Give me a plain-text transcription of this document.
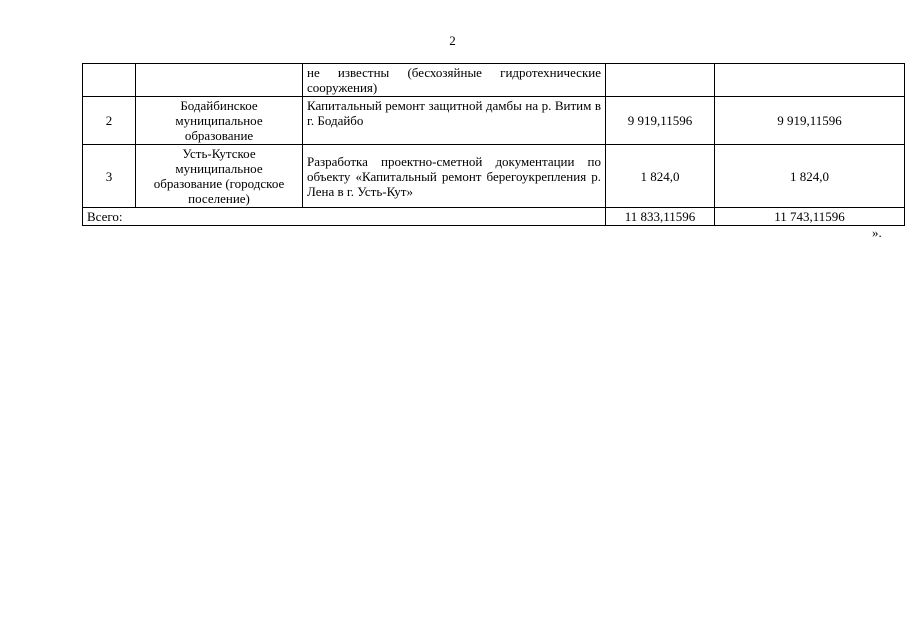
2
		не известны (бесхозяйные гидротехнические сооружения)		
2	Бодайбинское муниципальное образование	Капитальный ремонт защитной дамбы на р. Витим в г. Бодайбо	9 919,11596	9 919,11596
3	Усть-Кутское муниципальное образование (городское поселение)	Разработка проектно-сметной документации по объекту «Капитальный ремонт берегоукрепления р. Лена в г. Усть-Кут»	1 824,0	1 824,0
Всего:			11 833,11596	11 743,11596
».
